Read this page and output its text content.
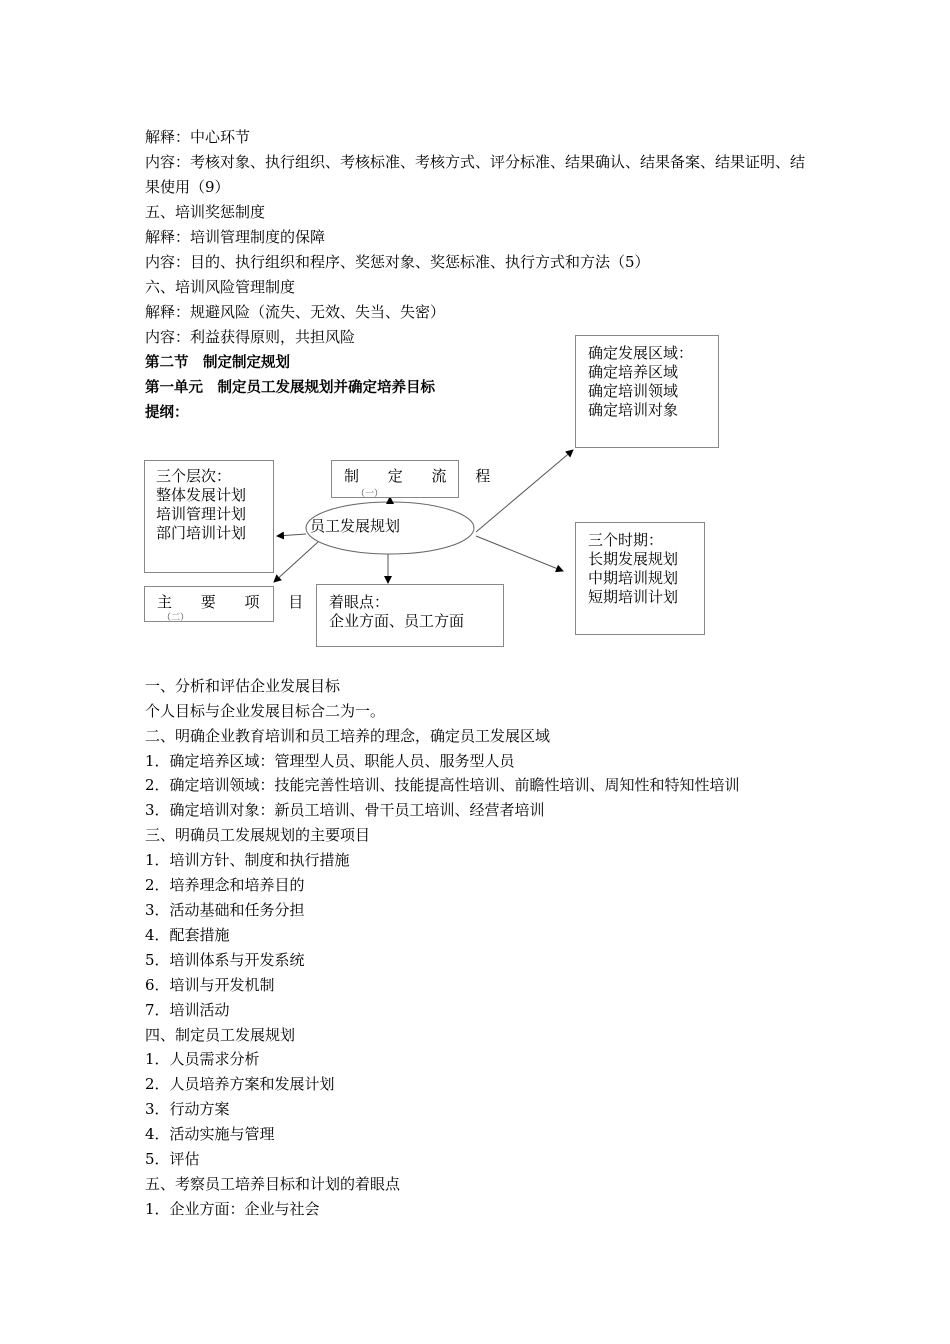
解释：中心环节
内容：考核对象、执行组织、考核标准、考核方式、评分标准、结果确认、结果备案、结果证明、结果使用（9）
五、培训奖惩制度
解释：培训管理制度的保障
内容：目的、执行组织和程序、奖惩对象、奖惩标准、执行方式和方法（5）
六、培训风险管理制度
解释：规避风险（流失、无效、失当、失密）
内容：利益获得原则，共担风险
第二节　制定制定规划
第一单元　制定员工发展规划并确定培养目标
提纲：
员工发展规划
制 定 流 程
（一）
三个层次：
整体发展计划
培训管理计划
部门培训计划
主 要 项 目
（二）
着眼点：
企业方面、员工方面
确定发展区域：
确定培养区域
确定培训领域
确定培训对象
三个时期：
长期发展规划
中期培训规划
短期培训计划
一、分析和评估企业发展目标
个人目标与企业发展目标合二为一。
二、明确企业教育培训和员工培养的理念，确定员工发展区域
1．确定培养区域：管理型人员、职能人员、服务型人员
2．确定培训领域：技能完善性培训、技能提高性培训、前瞻性培训、周知性和特知性培训
3．确定培训对象：新员工培训、骨干员工培训、经营者培训
三、明确员工发展规划的主要项目
1．培训方针、制度和执行措施
2．培养理念和培养目的
3．活动基础和任务分担
4．配套措施
5．培训体系与开发系统
6．培训与开发机制
7．培训活动
四、制定员工发展规划
1．人员需求分析
2．人员培养方案和发展计划
3．行动方案
4．活动实施与管理
5．评估
五、考察员工培养目标和计划的着眼点
1．企业方面：企业与社会
